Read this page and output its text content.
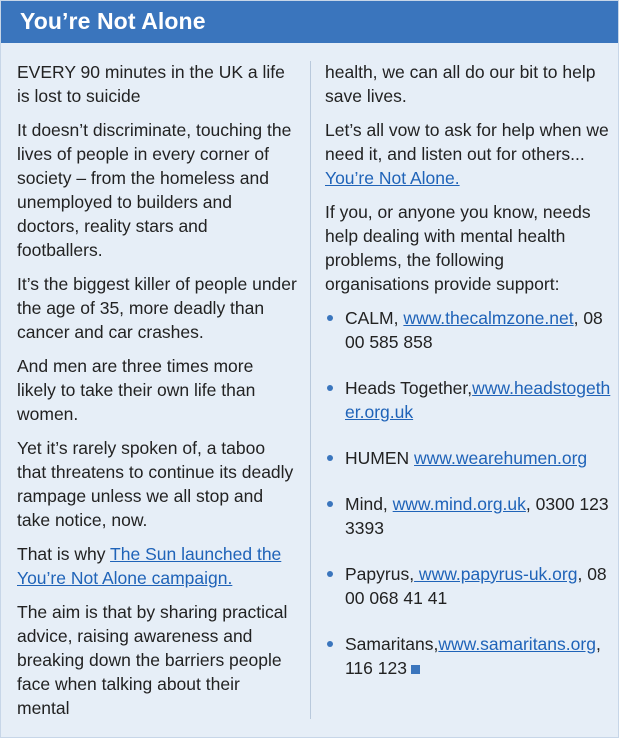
You’re Not Alone

EVERY 90 minutes in the UK a life is lost to suicide

It doesn’t discriminate, touching the lives of people in every corner of society – from the homeless and unemployed to builders and doctors, reality stars and footballers.

It’s the biggest killer of people under the age of 35, more deadly than cancer and car crashes.

And men are three times more likely to take their own life than women.

Yet it’s rarely spoken of, a taboo that threatens to continue its deadly rampage unless we all stop and take notice, now.

That is why The Sun launched the You’re Not Alone campaign.

The aim is that by sharing practical advice, raising awareness and breaking down the barriers people face when talking about their mental

health, we can all do our bit to help save lives.

Let’s all vow to ask for help when we need it, and listen out for others... You’re Not Alone.

If you, or anyone you know, needs help dealing with mental health problems, the following organisations provide support:

CALM, www.thecalmzone.net, 0800 585 858
Heads Together,www.headstogether.org.uk
HUMEN www.wearehumen.org
Mind, www.mind.org.uk, 0300 123 3393
Papyrus, www.papyrus-uk.org, 0800 068 41 41
Samaritans,www.samaritans.org, 116 123
